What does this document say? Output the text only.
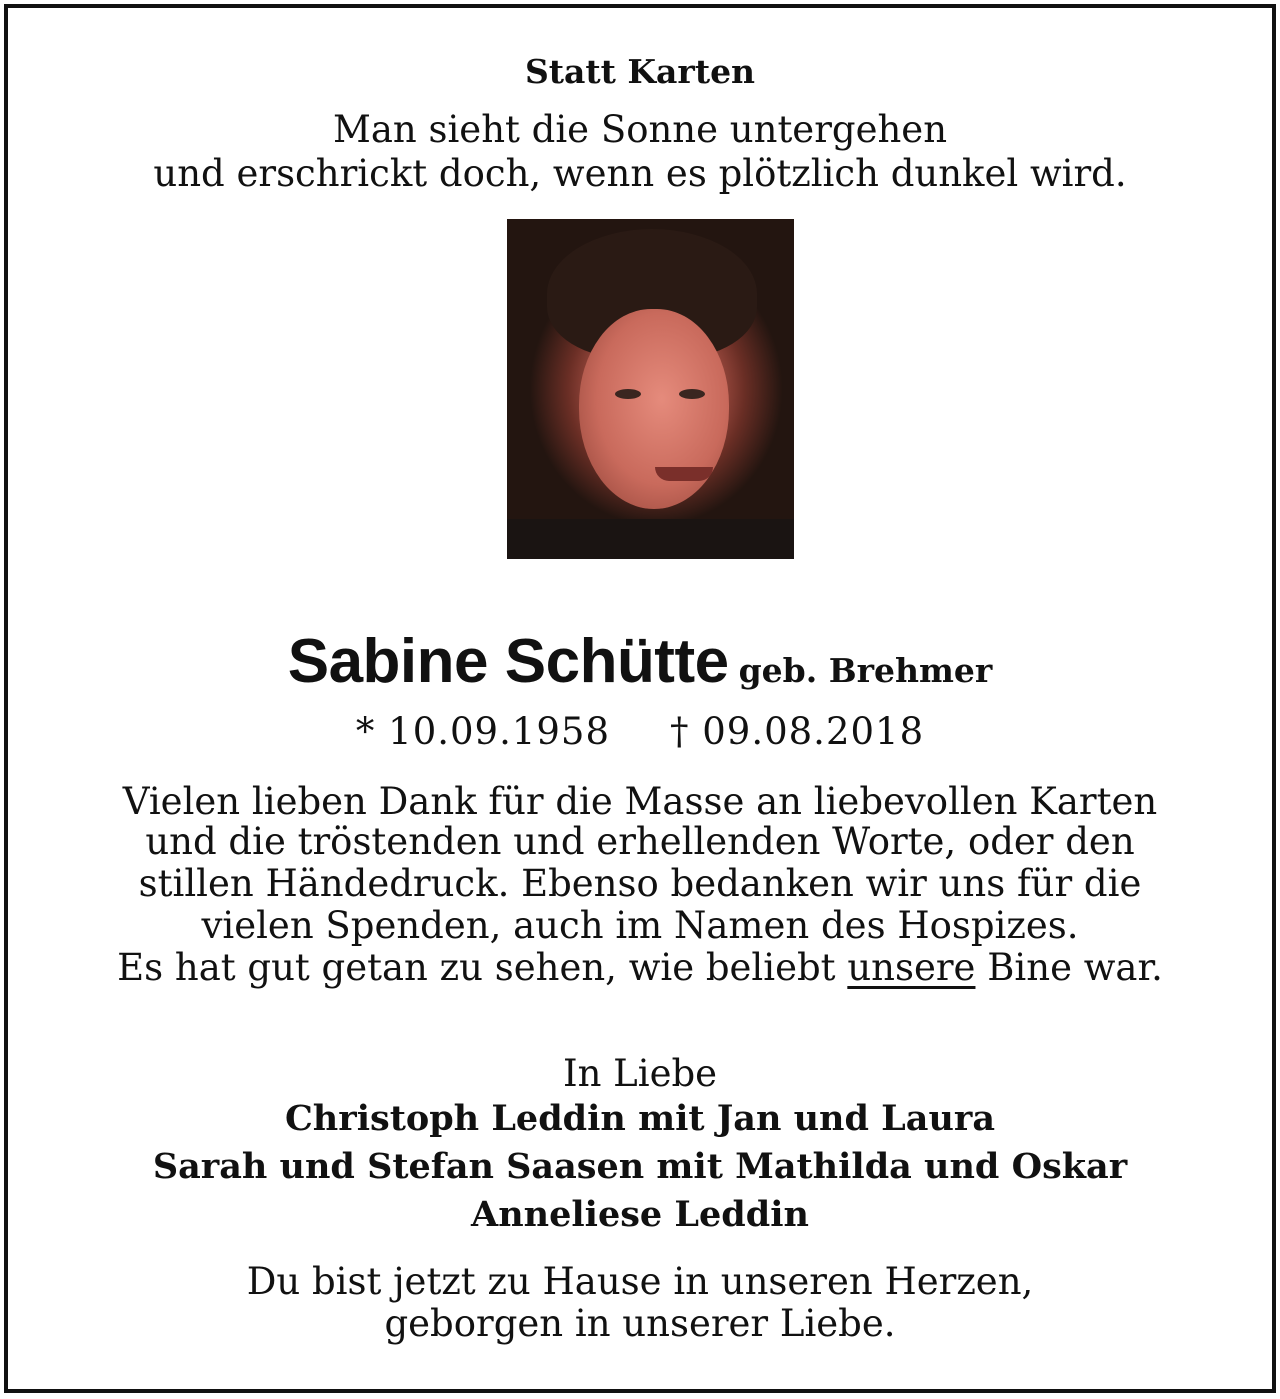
Statt Karten
Man sieht die Sonne untergehen
und erschrickt doch, wenn es plötzlich dunkel wird.
Sabine Schütte geb. Brehmer
* 10.09.1958 † 09.08.2018
Vielen lieben Dank für die Masse an liebevollen Karten
und die tröstenden und erhellenden Worte, oder den
stillen Händedruck. Ebenso bedanken wir uns für die
vielen Spenden, auch im Namen des Hospizes.
Es hat gut getan zu sehen, wie beliebt unsere Bine war.
In Liebe
Christoph Leddin mit Jan und Laura
Sarah und Stefan Saasen mit Mathilda und Oskar
Anneliese Leddin
Du bist jetzt zu Hause in unseren Herzen,
geborgen in unserer Liebe.
